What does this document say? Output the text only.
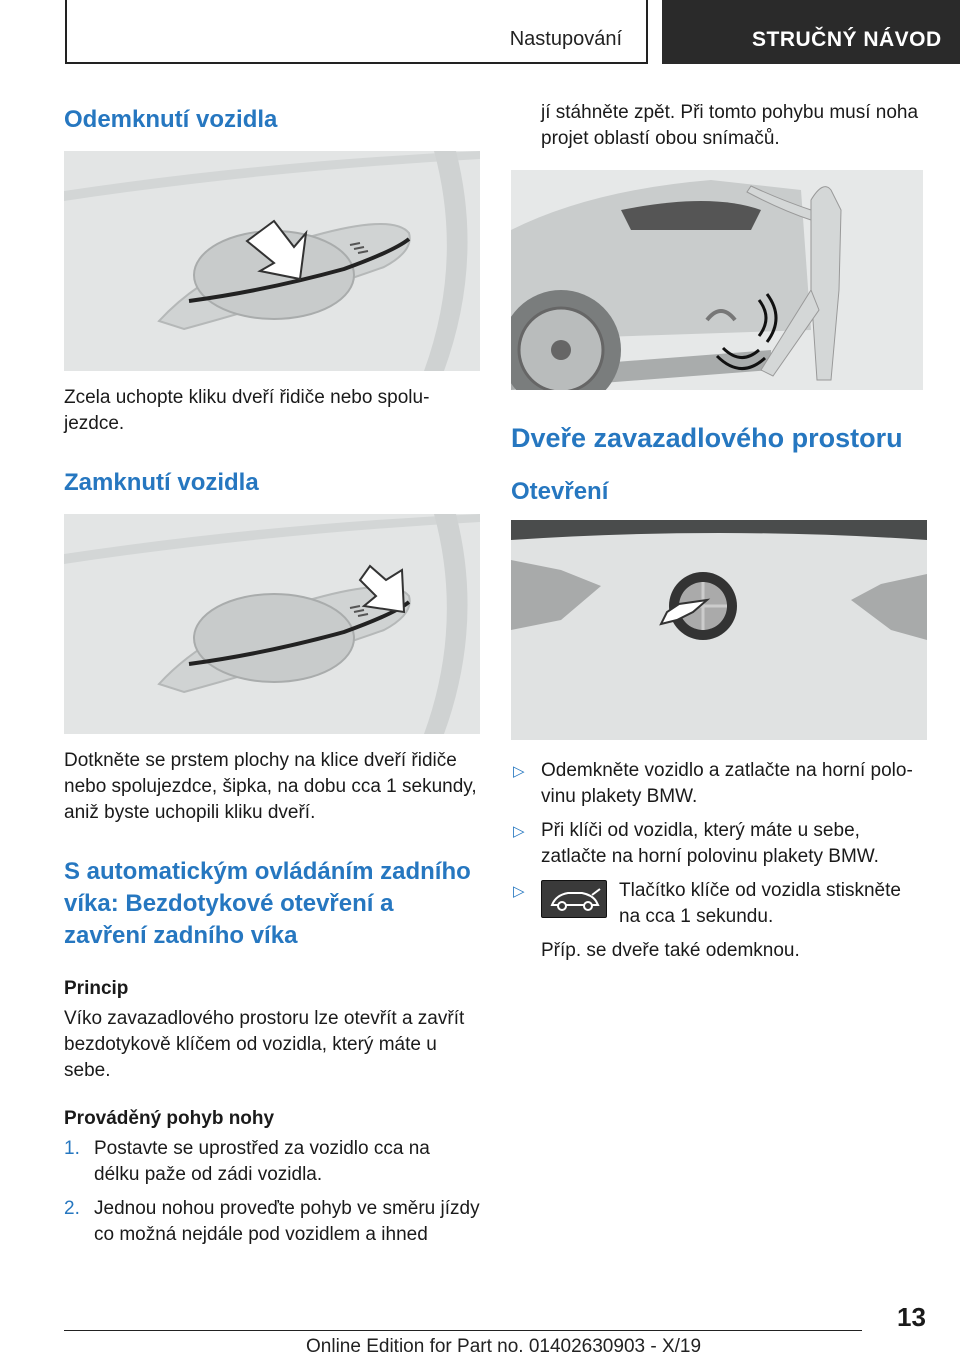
Nastupování	STRUČNÝ NÁVOD
Odemknutí vozidla

Zcela uchopte kliku dveří řidiče nebo spolu-jezdce.

Zamknutí vozidla

Dotkněte se prstem plochy na klice dveří řidiče nebo spolujezdce, šipka, na dobu cca 1 sekundy, aniž byste uchopili kliku dveří.

S automatickým ovládáním zadního víka: Bezdotykové otevření a zavření zadního víka
Princip

Víko zavazadlového prostoru lze otevřít a zavřít bezdotykově klíčem od vozidla, který máte u sebe.

Prováděný pohyb nohy
1. Postavte se uprostřed za vozidlo cca na délku paže od zádi vozidla.
2. Jednou nohou proveďte pohyb ve směru jízdy co možná nejdále pod vozidlem a ihned

jí stáhněte zpět. Při tomto pohybu musí noha projet oblastí obou snímačů.

Dveře zavazadlového prostoru
Otevření
▷ Odemkněte vozidlo a zatlačte na horní polo-vinu plakety BMW.
▷ Při klíči od vozidla, který máte u sebe, zatlačte na horní polovinu plakety BMW.
▷	Tlačítko klíče od vozidla stiskněte na cca 1 sekundu.

Příp. se dveře také odemknou.

13
Online Edition for Part no. 01402630903 - X/19
